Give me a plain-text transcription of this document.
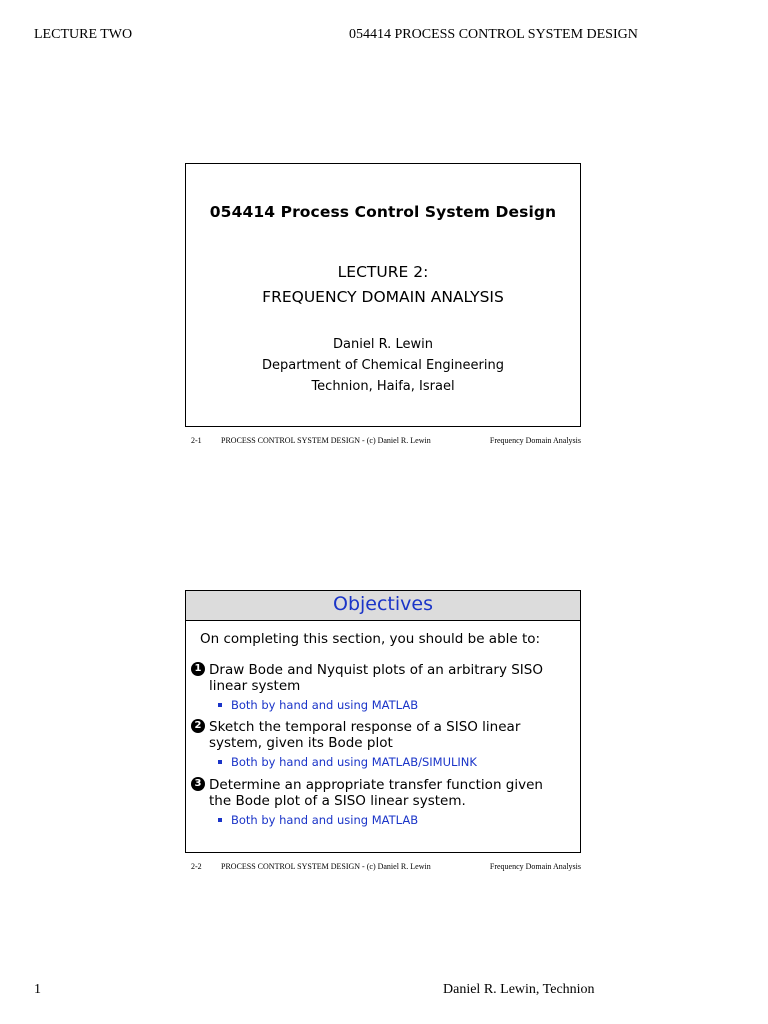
LECTURE TWO	054414 PROCESS CONTROL SYSTEM DESIGN
054414 Process Control System Design
LECTURE 2:
FREQUENCY DOMAIN ANALYSIS
Daniel R. Lewin
Department of Chemical Engineering
Technion, Haifa, Israel
2-1 PROCESS CONTROL SYSTEM DESIGN - (c) Daniel R. Lewin	Frequency Domain Analysis
Objectives
On completing this section, you should be able to:
1 Draw Bode and Nyquist plots of an arbitrary SISO
linear system
Both by hand and using MATLAB
2 Sketch the temporal response of a SISO linear
system, given its Bode plot
Both by hand and using MATLAB/SIMULINK
3 Determine an appropriate transfer function given
the Bode plot of a SISO linear system.
Both by hand and using MATLAB
2-2 PROCESS CONTROL SYSTEM DESIGN - (c) Daniel R. Lewin	Frequency Domain Analysis
1	Daniel R. Lewin, Technion
